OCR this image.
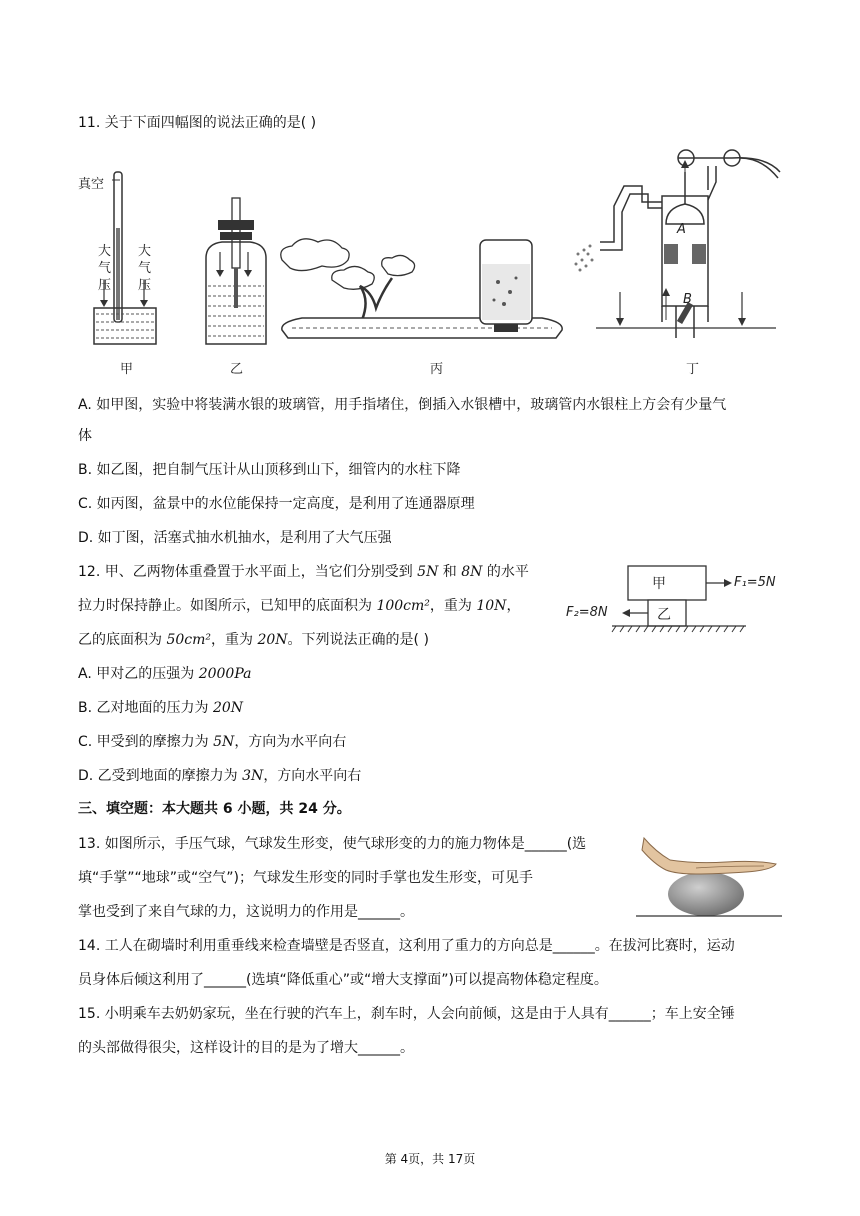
11. 关于下面四幅图的说法正确的是( )
真空
大
气
压
大
气
压
A
B
甲	乙	丙	丁
A. 如甲图，实验中将装满水银的玻璃管，用手指堵住，倒插入水银槽中，玻璃管内水银柱上方会有少量气
体
B. 如乙图，把自制气压计从山顶移到山下，细管内的水柱下降
C. 如丙图，盆景中的水位能保持一定高度，是利用了连通器原理
D. 如丁图，活塞式抽水机抽水，是利用了大气压强
12. 甲、乙两物体重叠置于水平面上，当它们分别受到 5N 和 8N 的水平
拉力时保持静止。如图所示，已知甲的底面积为 100cm²，重为 10N，
乙的底面积为 50cm²，重为 20N。下列说法正确的是( )
甲
乙
F₁=5N
F₂=8N
A. 甲对乙的压强为 2000Pa
B. 乙对地面的压力为 20N
C. 甲受到的摩擦力为 5N，方向为水平向右
D. 乙受到地面的摩擦力为 3N，方向水平向右
三、填空题：本大题共 6 小题，共 24 分。
13. 如图所示，手压气球，气球发生形变，使气球形变的力的施力物体是______(选
填“手掌”“地球”或“空气”)；气球发生形变的同时手掌也发生形变，可见手
掌也受到了来自气球的力，这说明力的作用是______。
14. 工人在砌墙时利用重垂线来检查墙壁是否竖直，这利用了重力的方向总是______。在拔河比赛时，运动
员身体后倾这利用了______(选填“降低重心”或“增大支撑面”)可以提高物体稳定程度。
15. 小明乘车去奶奶家玩，坐在行驶的汽车上，刹车时，人会向前倾，这是由于人具有______；车上安全锤
的头部做得很尖，这样设计的目的是为了增大______。
第 4页，共 17页
